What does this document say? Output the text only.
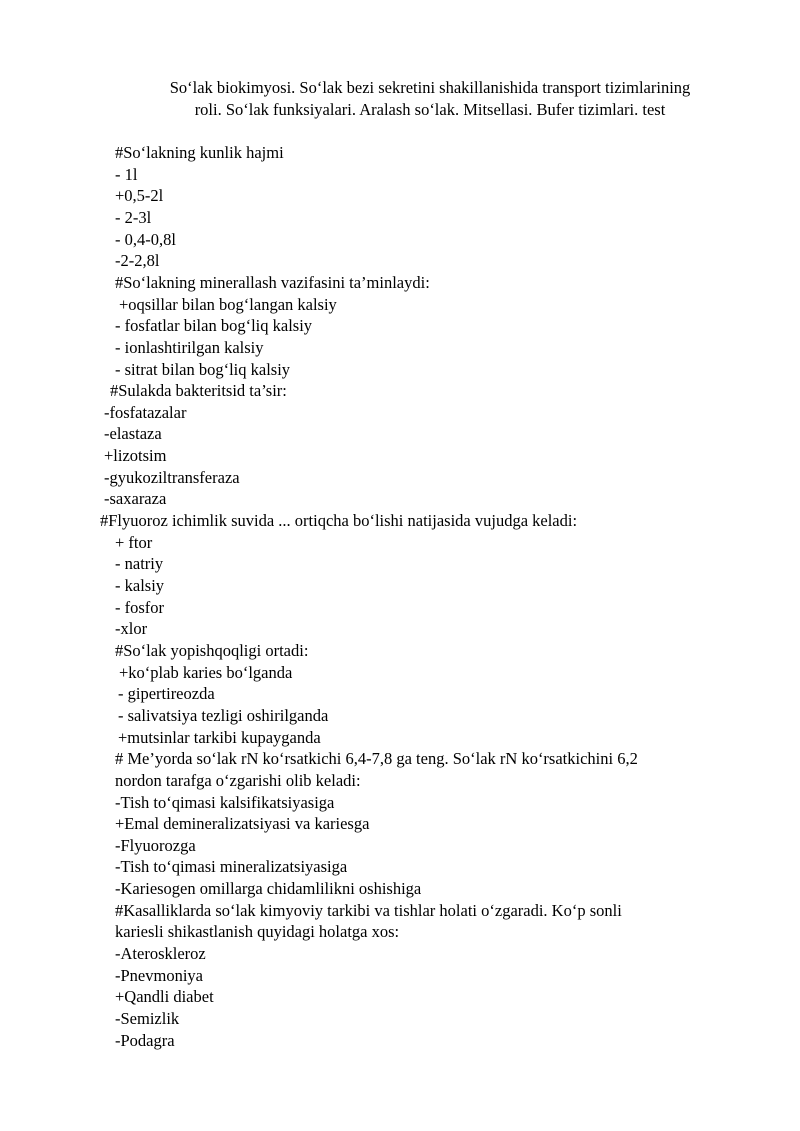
So‘lak biokimyosi. So‘lak bezi sekretini shakillanishida transport tizimlarining
roli. So‘lak funksiyalari. Aralash so‘lak. Mitsellasi. Bufer tizimlari. test
#So‘lakning kunlik hajmi
- 1l
+0,5-2l
- 2-3l
- 0,4-0,8l
-2-2,8l
#So‘lakning minerallash vazifasini ta’minlaydi:
+oqsillar bilan bog‘langan kalsiy
- fosfatlar bilan bog‘liq kalsiy
- ionlashtirilgan kalsiy
- sitrat bilan bog‘liq kalsiy
#Sulakda bakteritsid ta’sir:
-fosfatazalar
-elastaza
+lizotsim
-gyukoziltransferaza
-saxaraza
#Flyuoroz ichimlik suvida ... ortiqcha bo‘lishi natijasida vujudga keladi:
+ ftor
- natriy
- kalsiy
- fosfor
-xlor
#So‘lak yopishqoqligi ortadi:
+ko‘plab karies bo‘lganda
- gipertireozda
- salivatsiya tezligi oshirilganda
+mutsinlar tarkibi kupayganda
# Me’yorda so‘lak rN ko‘rsatkichi 6,4-7,8 ga teng. So‘lak rN ko‘rsatkichini 6,2
nordon tarafga o‘zgarishi olib keladi:
-Tish to‘qimasi kalsifikatsiyasiga
+Emal demineralizatsiyasi va kariesga
-Flyuorozga
-Tish to‘qimasi mineralizatsiyasiga
-Kariesogen omillarga chidamlilikni oshishiga
#Kasalliklarda so‘lak kimyoviy tarkibi va tishlar holati o‘zgaradi. Ko‘p sonli
kariesli shikastlanish quyidagi holatga xos:
-Ateroskleroz
-Pnevmoniya
+Qandli diabet
-Semizlik
-Podagra
